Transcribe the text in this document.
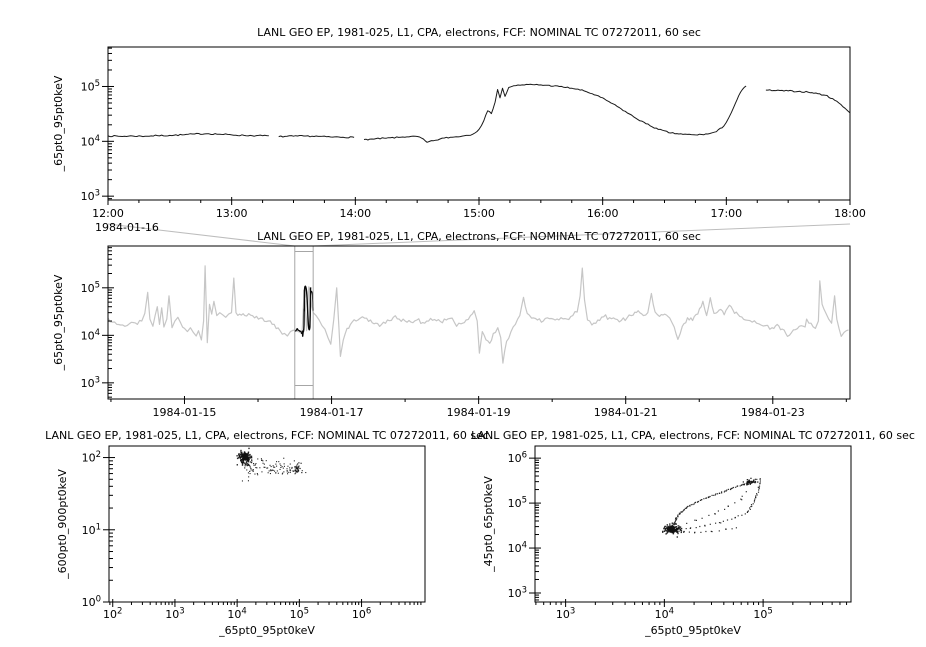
LANL GEO EP, 1981-025, L1, CPA, electrons, FCF: NOMINAL TC 07272011, 60 sec
_65pt0_95pt0keV
12:00	13:00	14:00	15:00	16:00	17:00	18:00
$10^3$
$10^4$
$10^5$
1984-01-16
LANL GEO EP, 1981-025, L1, CPA, electrons, FCF: NOMINAL TC 07272011, 60 sec
_65pt0_95pt0keV
1984-01-15	1984-01-17	1984-01-19	1984-01-21	1984-01-23
$10^3$
$10^4$
$10^5$
LANL GEO EP, 1981-025, L1, CPA, electrons, FCF: NOMINAL TC 07272011, 60 sec
_600pt0_900pt0keV
$10^2$	$10^3$	$10^4$	$10^5$	$10^6$
$10^0$
$10^1$
$10^2$
_65pt0_95pt0keV
LANL GEO EP, 1981-025, L1, CPA, electrons, FCF: NOMINAL TC 07272011, 60 sec
_45pt0_65pt0keV
$10^3$	$10^4$	$10^5$
$10^3$
$10^4$
$10^5$
$10^6$
_65pt0_95pt0keV
